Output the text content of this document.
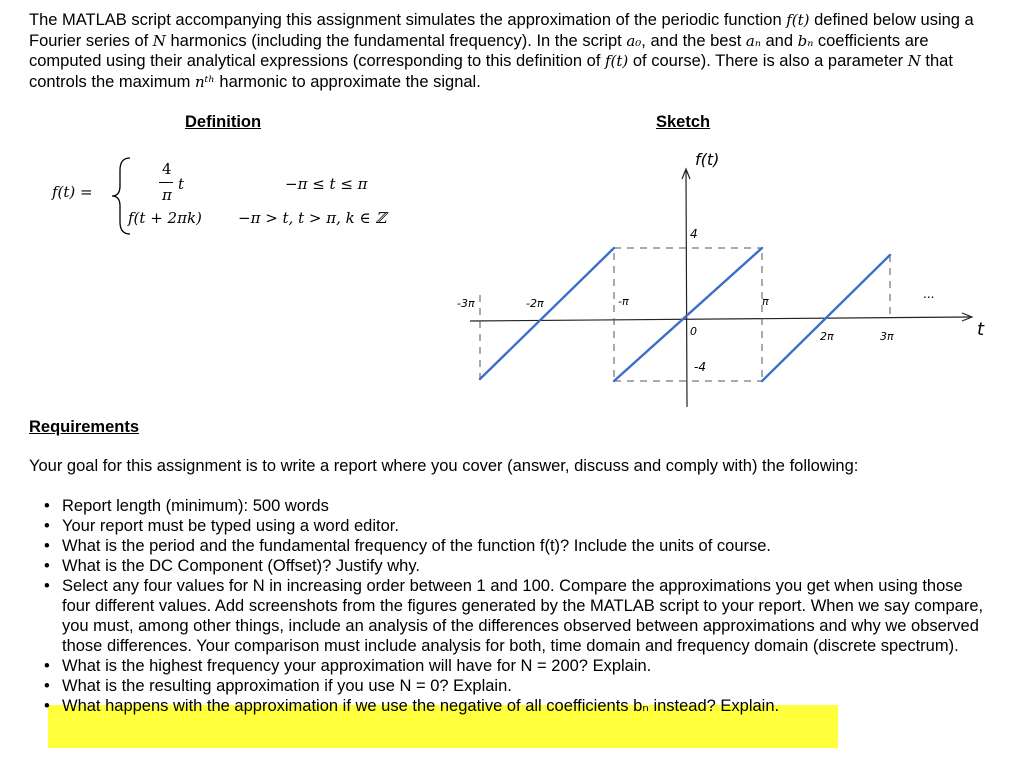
The MATLAB script accompanying this assignment simulates the approximation of the periodic function f(t) defined below using a Fourier series of N harmonics (including the fundamental frequency). In the script a₀, and the best aₙ and bₙ coefficients are computed using their analytical expressions (corresponding to this definition of f(t) of course). There is also a parameter N that controls the maximum nᵗʰ harmonic to approximate the signal.
Definition	Sketch
f(t) =
4
π
t	−π ≤ t ≤ π
f(t + 2πk) −π > t, t > π, k ∈ ℤ
-3π	-2π	-π	π
2π	3π
0
4
-4
f(t)
t
...
Requirements
Your goal for this assignment is to write a report where you cover (answer, discuss and comply with) the following:
• Report length (minimum): 500 words
• Your report must be typed using a word editor.
• What is the period and the fundamental frequency of the function f(t)? Include the units of course.
• What is the DC Component (Offset)? Justify why.
• Select any four values for N in increasing order between 1 and 100. Compare the approximations you get when using those four different values. Add screenshots from the figures generated by the MATLAB script to your report. When we say compare, you must, among other things, include an analysis of the differences observed between approximations and why we observed those differences. Your comparison must include analysis for both, time domain and frequency domain (discrete spectrum).
• What is the highest frequency your approximation will have for N = 200? Explain.
• What is the resulting approximation if you use N = 0? Explain.
• What happens with the approximation if we use the negative of all coefficients bₙ instead? Explain.
